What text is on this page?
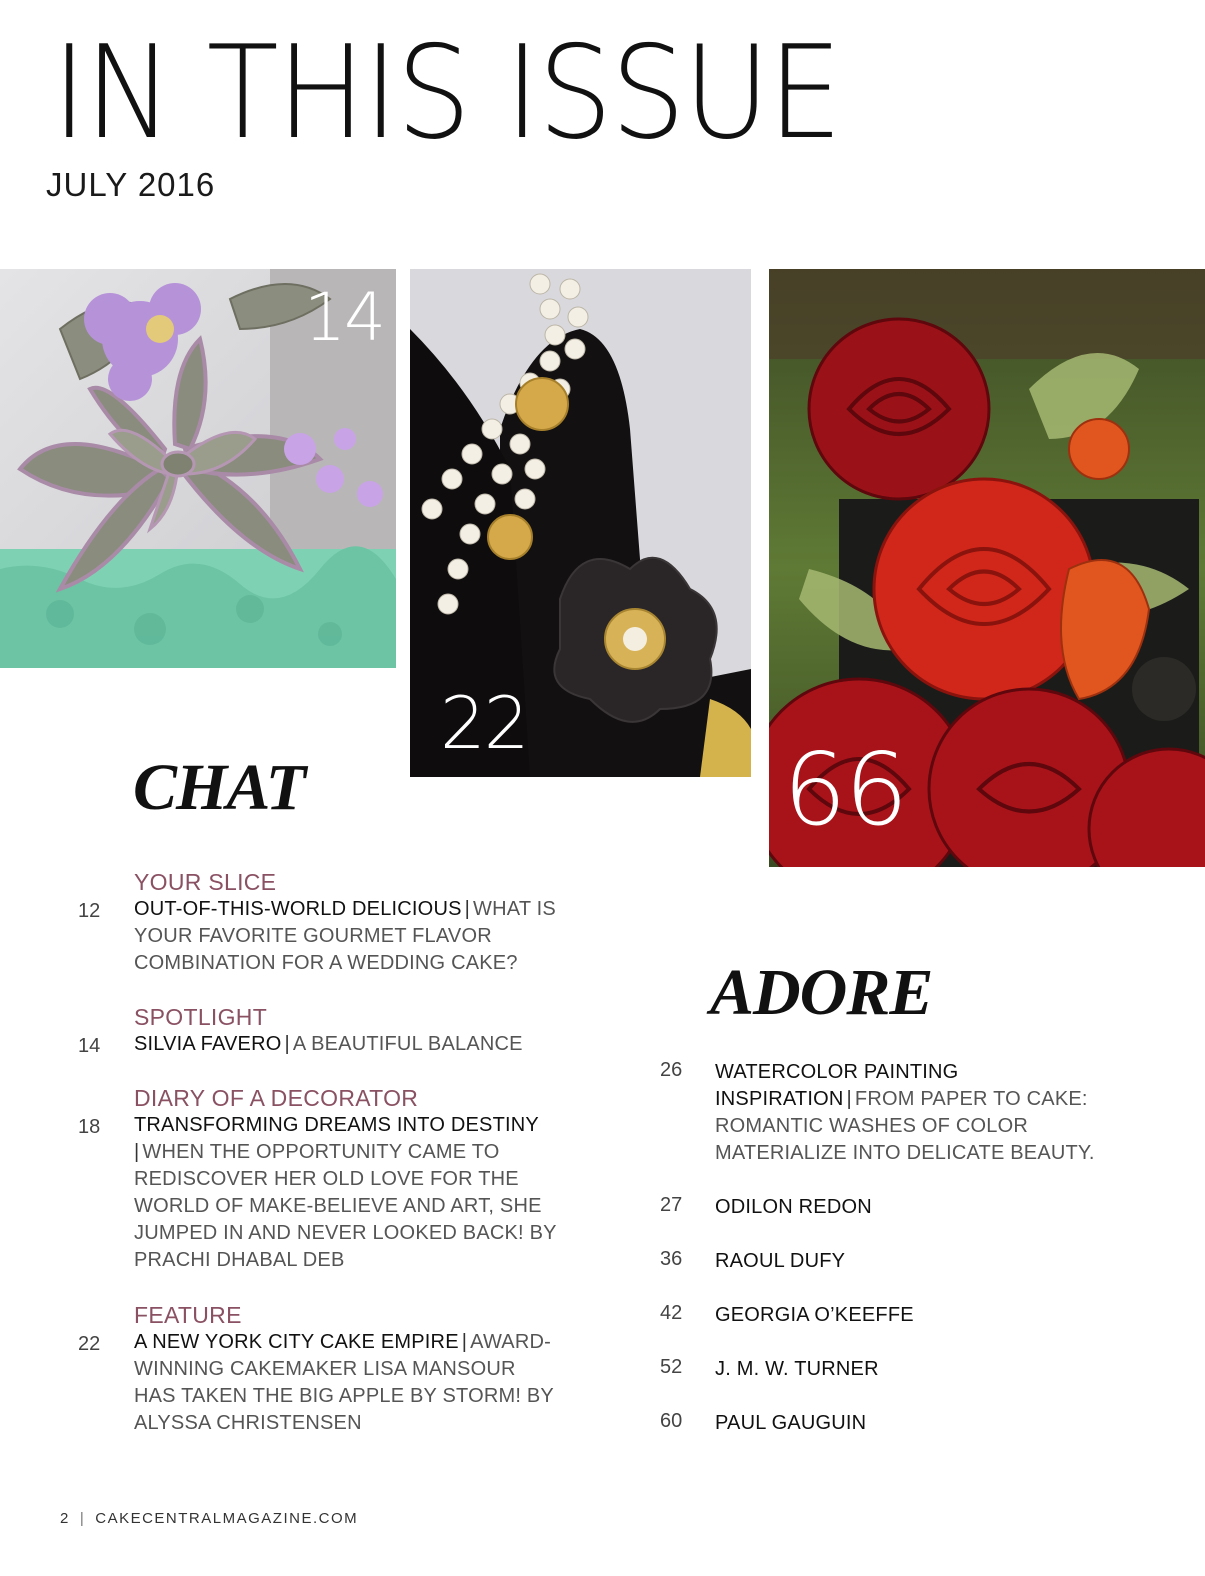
IN THIS ISSUE
JULY 2016
14
22
66
CHAT
YOUR SLICE
12 OUT-OF-THIS-WORLD DELICIOUS | WHAT IS YOUR FAVORITE GOURMET FLAVOR COMBINATION FOR A WEDDING CAKE?
SPOTLIGHT
14 SILVIA FAVERO | A BEAUTIFUL BALANCE
DIARY OF A DECORATOR
18 TRANSFORMING DREAMS INTO DESTINY
| WHEN THE OPPORTUNITY CAME TO REDISCOVER HER OLD LOVE FOR THE WORLD OF MAKE-BELIEVE AND ART, SHE JUMPED IN AND NEVER LOOKED BACK! BY PRACHI DHABAL DEB
FEATURE
22 A NEW YORK CITY CAKE EMPIRE | AWARD-WINNING CAKEMAKER LISA MANSOUR HAS TAKEN THE BIG APPLE BY STORM! BY ALYSSA CHRISTENSEN
ADORE
26 WATERCOLOR PAINTING INSPIRATION | FROM PAPER TO CAKE: ROMANTIC WASHES OF COLOR MATERIALIZE INTO DELICATE BEAUTY.
27 ODILON REDON
36 RAOUL DUFY
42 GEORGIA O’KEEFFE
52 J. M. W. TURNER
60 PAUL GAUGUIN
2 | CAKECENTRALMAGAZINE.COM
